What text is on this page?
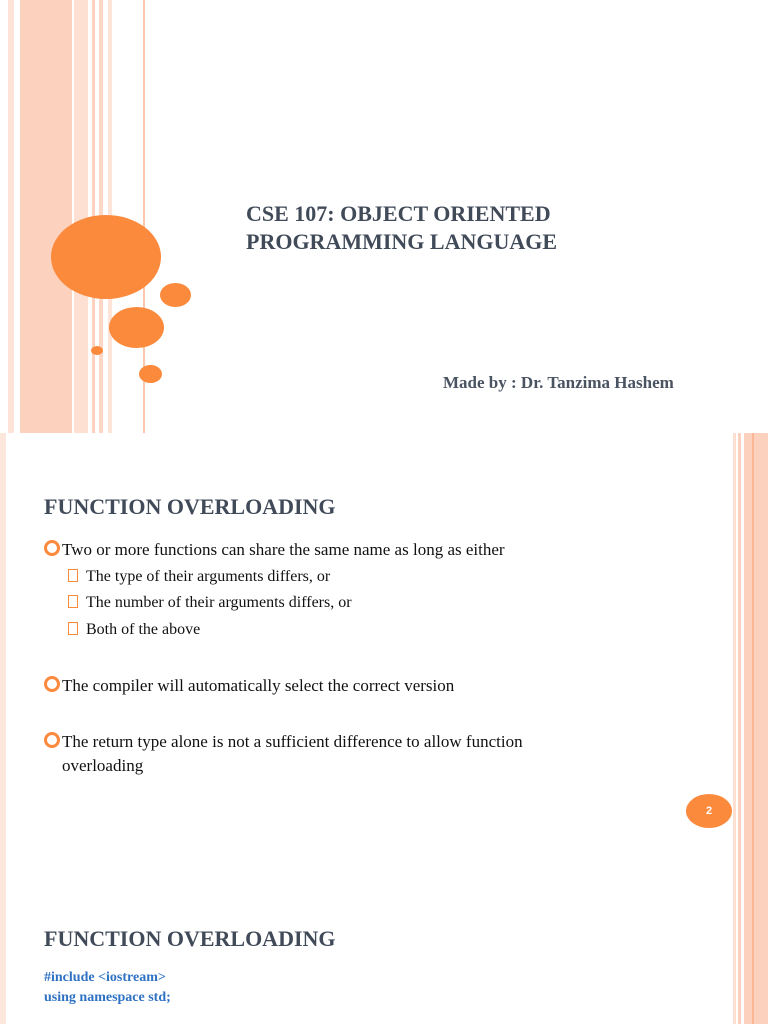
CSE 107: OBJECT ORIENTED
PROGRAMMING LANGUAGE

Made by : Dr. Tanzima Hashem

FUNCTION OVERLOADING
Two or more functions can share the same name as long as either
The type of their arguments differs, or
The number of their arguments differs, or
Both of the above
The compiler will automatically select the correct version
The return type alone is not a sufficient difference to allow function
overloading
2
FUNCTION OVERLOADING
#include <iostream>
using namespace std;
